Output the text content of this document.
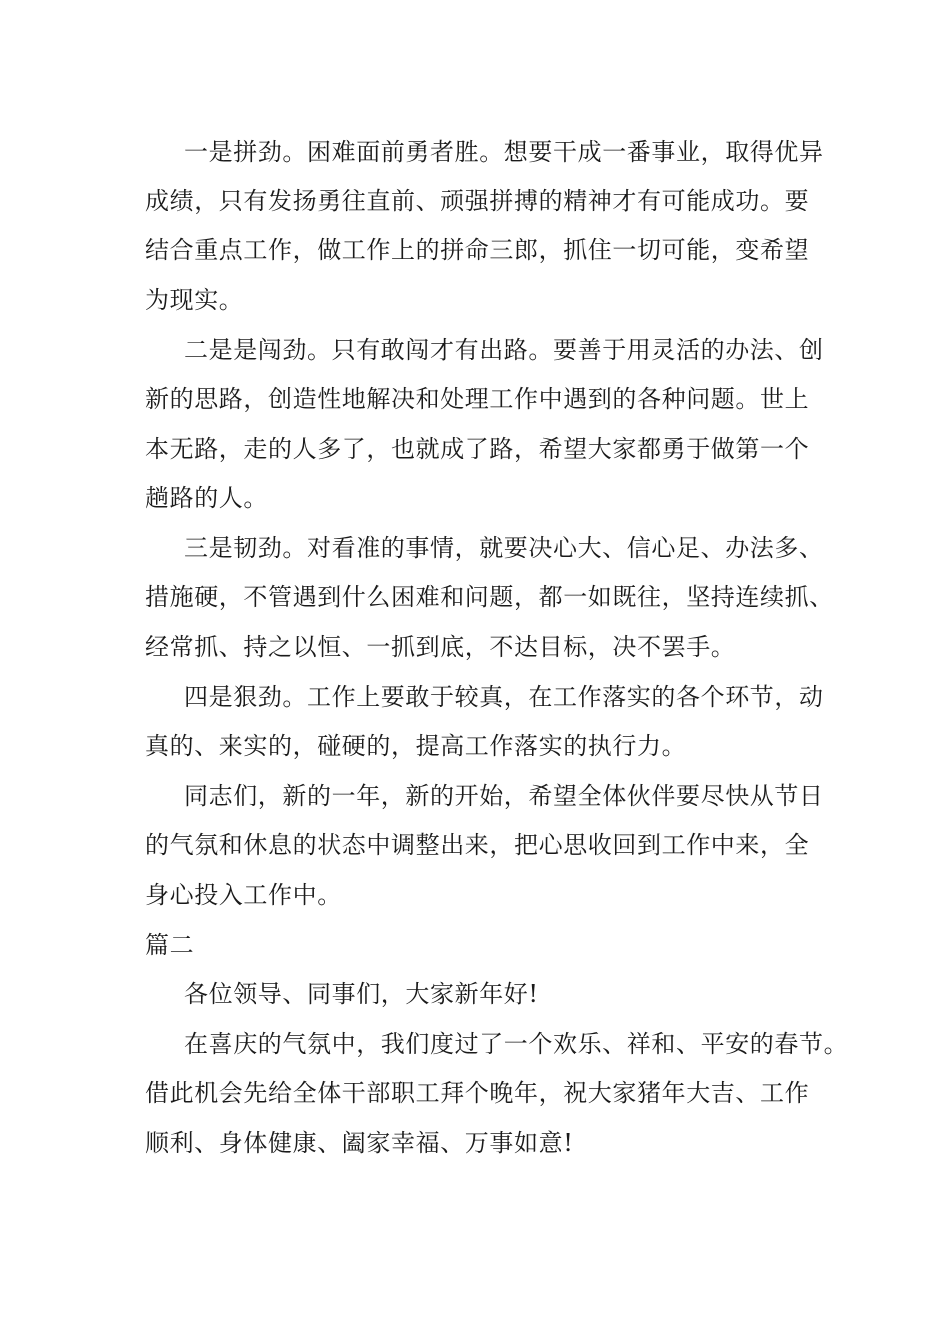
一是拼劲。困难面前勇者胜。想要干成一番事业，取得优异
成绩，只有发扬勇往直前、顽强拼搏的精神才有可能成功。要
结合重点工作，做工作上的拼命三郎，抓住一切可能，变希望
为现实。
二是是闯劲。只有敢闯才有出路。要善于用灵活的办法、创
新的思路，创造性地解决和处理工作中遇到的各种问题。世上
本无路，走的人多了，也就成了路，希望大家都勇于做第一个
趟路的人。
三是韧劲。对看准的事情，就要决心大、信心足、办法多、
措施硬，不管遇到什么困难和问题，都一如既往，坚持连续抓、
经常抓、持之以恒、一抓到底，不达目标，决不罢手。
四是狠劲。工作上要敢于较真，在工作落实的各个环节，动
真的、来实的，碰硬的，提高工作落实的执行力。
同志们，新的一年，新的开始，希望全体伙伴要尽快从节日
的气氛和休息的状态中调整出来，把心思收回到工作中来，全
身心投入工作中。
篇二
各位领导、同事们，大家新年好!
在喜庆的气氛中，我们度过了一个欢乐、祥和、平安的春节。
借此机会先给全体干部职工拜个晚年，祝大家猪年大吉、工作
顺利、身体健康、阖家幸福、万事如意!
